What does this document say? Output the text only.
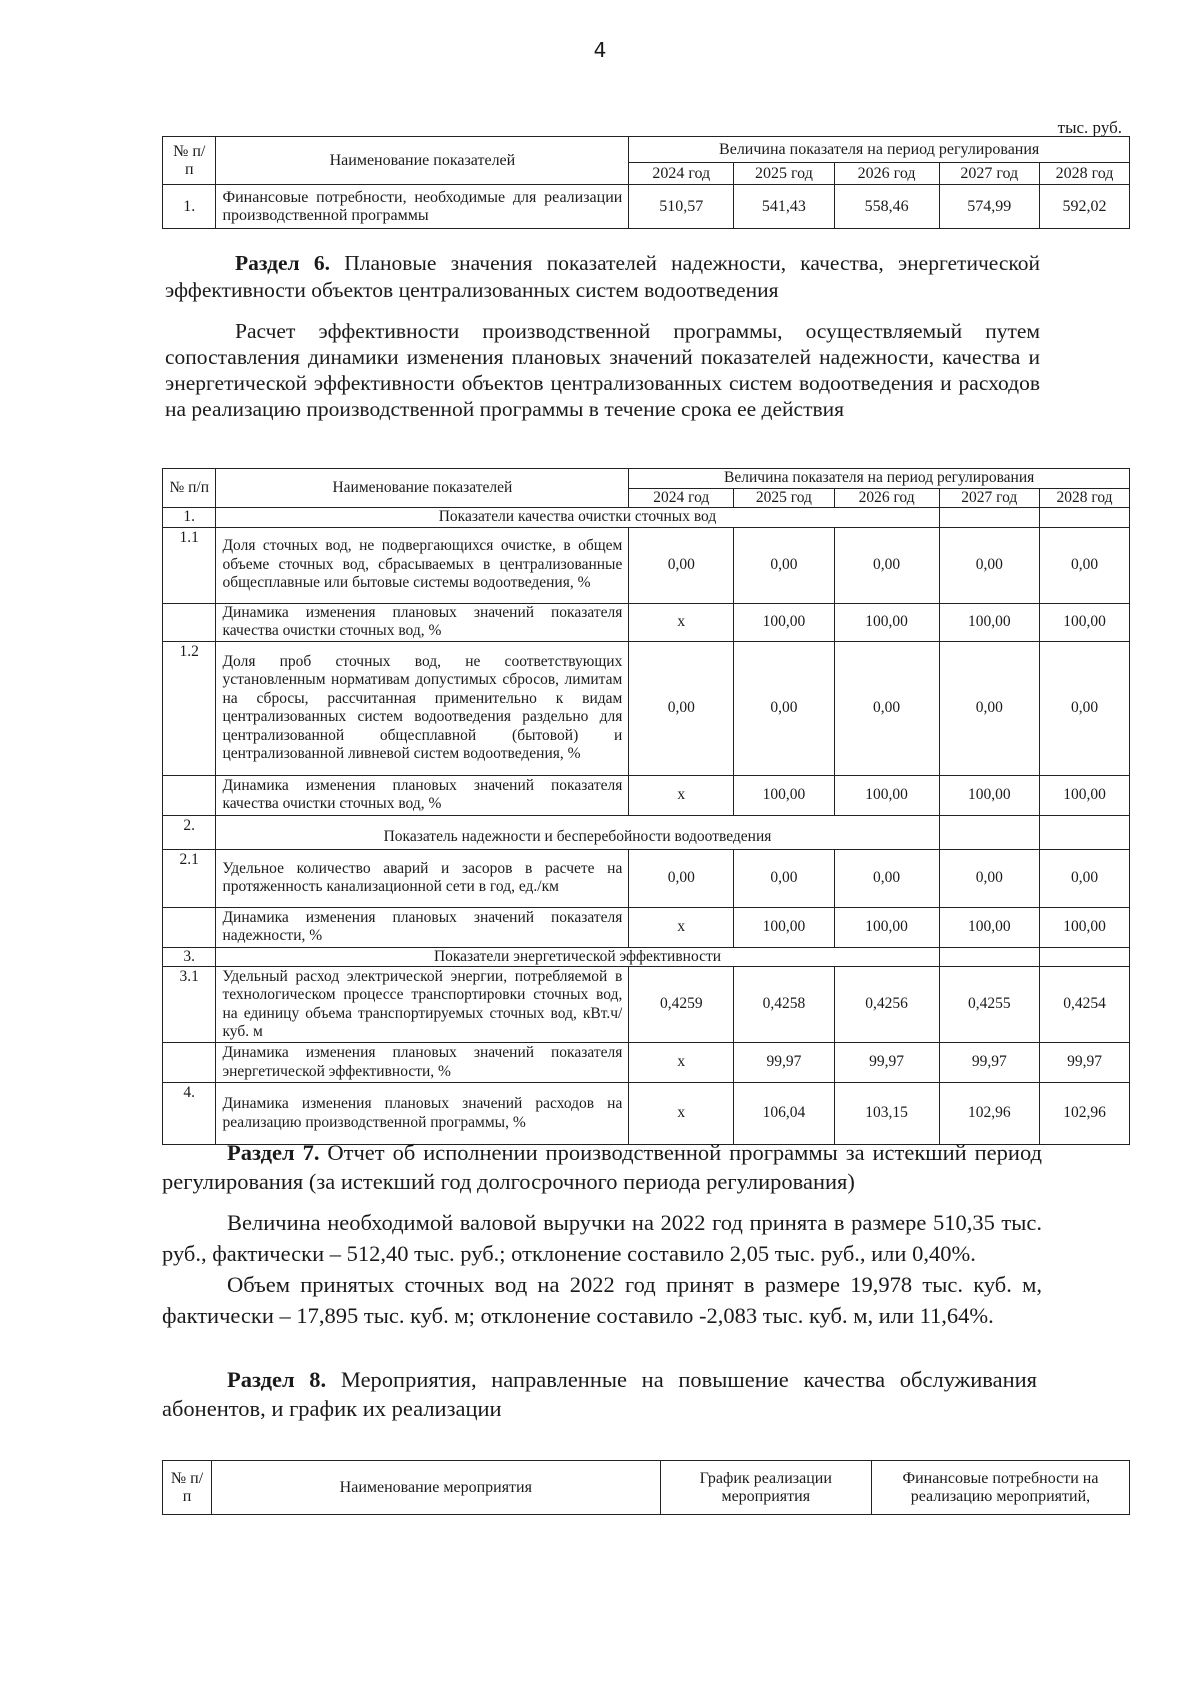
4
тыс. руб.
№ п/п	Наименование показателей	Величина показателя на период регулирования				
		2024 год	2025 год	2026 год	2027 год	2028 год
1.	Финансовые потребности, необходимые для реализации производственной программы	510,57	541,43	558,46	574,99	592,02
Раздел 6. Плановые значения показателей надежности, качества, энергетической эффективности объектов централизованных систем водоотведения
Расчет эффективности производственной программы, осуществляемый путем сопоставления динамики изменения плановых значений показателей надежности, качества и энергетической эффективности объектов централизованных систем водоотведения и расходов на реализацию производственной программы в течение срока ее действия
№ п/п	Наименование показателей	Величина показателя на период регулирования				
		2024 год	2025 год	2026 год	2027 год	2028 год
1.	Показатели качества очистки сточных вод					
1.1	Доля сточных вод, не подвергающихся очистке, в общем объеме сточных вод, сбрасываемых в централизованные общесплавные или бытовые системы водоотведения, %	0,00	0,00	0,00	0,00	0,00
	Динамика изменения плановых значений показателя качества очистки сточных вод, %	x	100,00	100,00	100,00	100,00
1.2	Доля проб сточных вод, не соответствующих установленным нормативам допустимых сбросов, лимитам на сбросы, рассчитанная применительно к видам централизованных систем водоотведения раздельно для централизованной общесплавной (бытовой) и централизованной ливневой систем водоотведения, %	0,00	0,00	0,00	0,00	0,00
	Динамика изменения плановых значений показателя качества очистки сточных вод, %	x	100,00	100,00	100,00	100,00
2.	Показатель надежности и бесперебойности водоотведения					
2.1	Удельное количество аварий и засоров в расчете на протяженность канализационной сети в год, ед./км	0,00	0,00	0,00	0,00	0,00
	Динамика изменения плановых значений показателя надежности, %	x	100,00	100,00	100,00	100,00
3.	Показатели энергетической эффективности					
3.1	Удельный расход электрической энергии, потребляемой в технологическом процессе транспортировки сточных вод, на единицу объема транспортируемых сточных вод, кВт.ч/куб. м	0,4259	0,4258	0,4256	0,4255	0,4254
	Динамика изменения плановых значений показателя энергетической эффективности, %	x	99,97	99,97	99,97	99,97
4.	Динамика изменения плановых значений расходов на реализацию производственной программы, %	x	106,04	103,15	102,96	102,96
Раздел 7. Отчет об исполнении производственной программы за истекший период регулирования (за истекший год долгосрочного периода регулирования)
Величина необходимой валовой выручки на 2022 год принята в размере 510,35 тыс. руб., фактически – 512,40 тыс. руб.; отклонение составило 2,05 тыс. руб., или 0,40%.
Объем принятых сточных вод на 2022 год принят в размере 19,978 тыс. куб. м, фактически – 17,895 тыс. куб. м; отклонение составило -2,083 тыс. куб. м, или 11,64%.
Раздел 8. Мероприятия, направленные на повышение качества обслуживания абонентов, и график их реализации
№ п/п	Наименование мероприятия	График реализации мероприятия	Финансовые потребности на реализацию мероприятий,
